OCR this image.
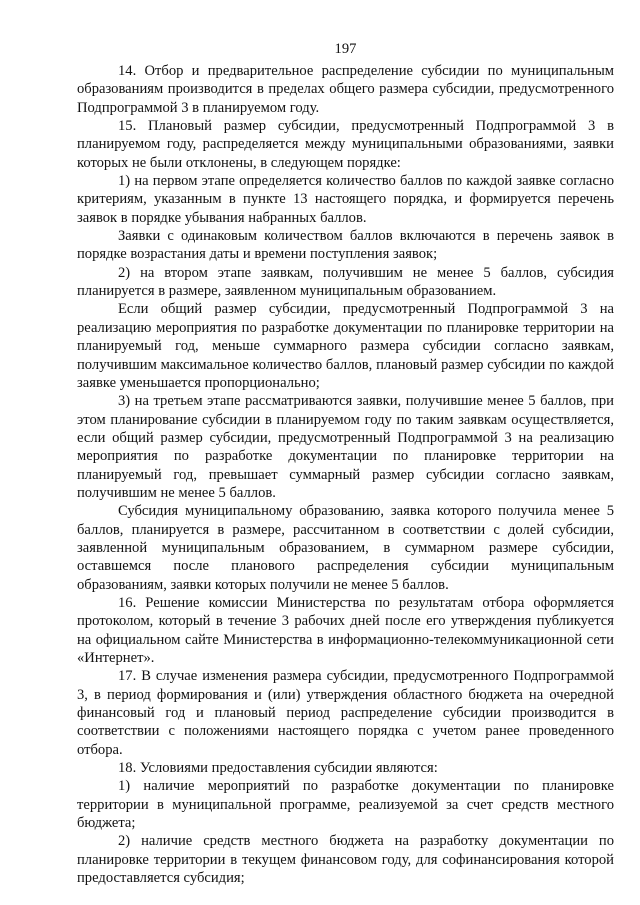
197

14. Отбор и предварительное распределение субсидии по муниципальным образованиям производится в пределах общего размера субсидии, предусмотренного Подпрограммой 3 в планируемом году.

15. Плановый размер субсидии, предусмотренный Подпрограммой 3 в планируемом году, распределяется между муниципальными образованиями, заявки которых не были отклонены, в следующем порядке:

1) на первом этапе определяется количество баллов по каждой заявке согласно критериям, указанным в пункте 13 настоящего порядка, и формируется перечень заявок в порядке убывания набранных баллов.

Заявки с одинаковым количеством баллов включаются в перечень заявок в порядке возрастания даты и времени поступления заявок;

2) на втором этапе заявкам, получившим не менее 5 баллов, субсидия планируется в размере, заявленном муниципальным образованием.

Если общий размер субсидии, предусмотренный Подпрограммой 3 на реализацию мероприятия по разработке документации по планировке территории на планируемый год, меньше суммарного размера субсидии согласно заявкам, получившим максимальное количество баллов, плановый размер субсидии по каждой заявке уменьшается пропорционально;

3) на третьем этапе рассматриваются заявки, получившие менее 5 баллов, при этом планирование субсидии в планируемом году по таким заявкам осуществляется, если общий размер субсидии, предусмотренный Подпрограммой 3 на реализацию мероприятия по разработке документации по планировке территории на планируемый год, превышает суммарный размер субсидии согласно заявкам, получившим не менее 5 баллов.

Субсидия муниципальному образованию, заявка которого получила менее 5 баллов, планируется в размере, рассчитанном в соответствии с долей субсидии, заявленной муниципальным образованием, в суммарном размере субсидии, оставшемся после планового распределения субсидии муниципальным образованиям, заявки которых получили не менее 5 баллов.

16. Решение комиссии Министерства по результатам отбора оформляется протоколом, который в течение 3 рабочих дней после его утверждения публикуется на официальном сайте Министерства в информационно-телекоммуникационной сети «Интернет».

17. В случае изменения размера субсидии, предусмотренного Подпрограммой 3, в период формирования и (или) утверждения областного бюджета на очередной финансовый год и плановый период распределение субсидии производится в соответствии с положениями настоящего порядка с учетом ранее проведенного отбора.

18. Условиями предоставления субсидии являются:

1) наличие мероприятий по разработке документации по планировке территории в муниципальной программе, реализуемой за счет средств местного бюджета;

2) наличие средств местного бюджета на разработку документации по планировке территории в текущем финансовом году, для софинансирования которой предоставляется субсидия;
